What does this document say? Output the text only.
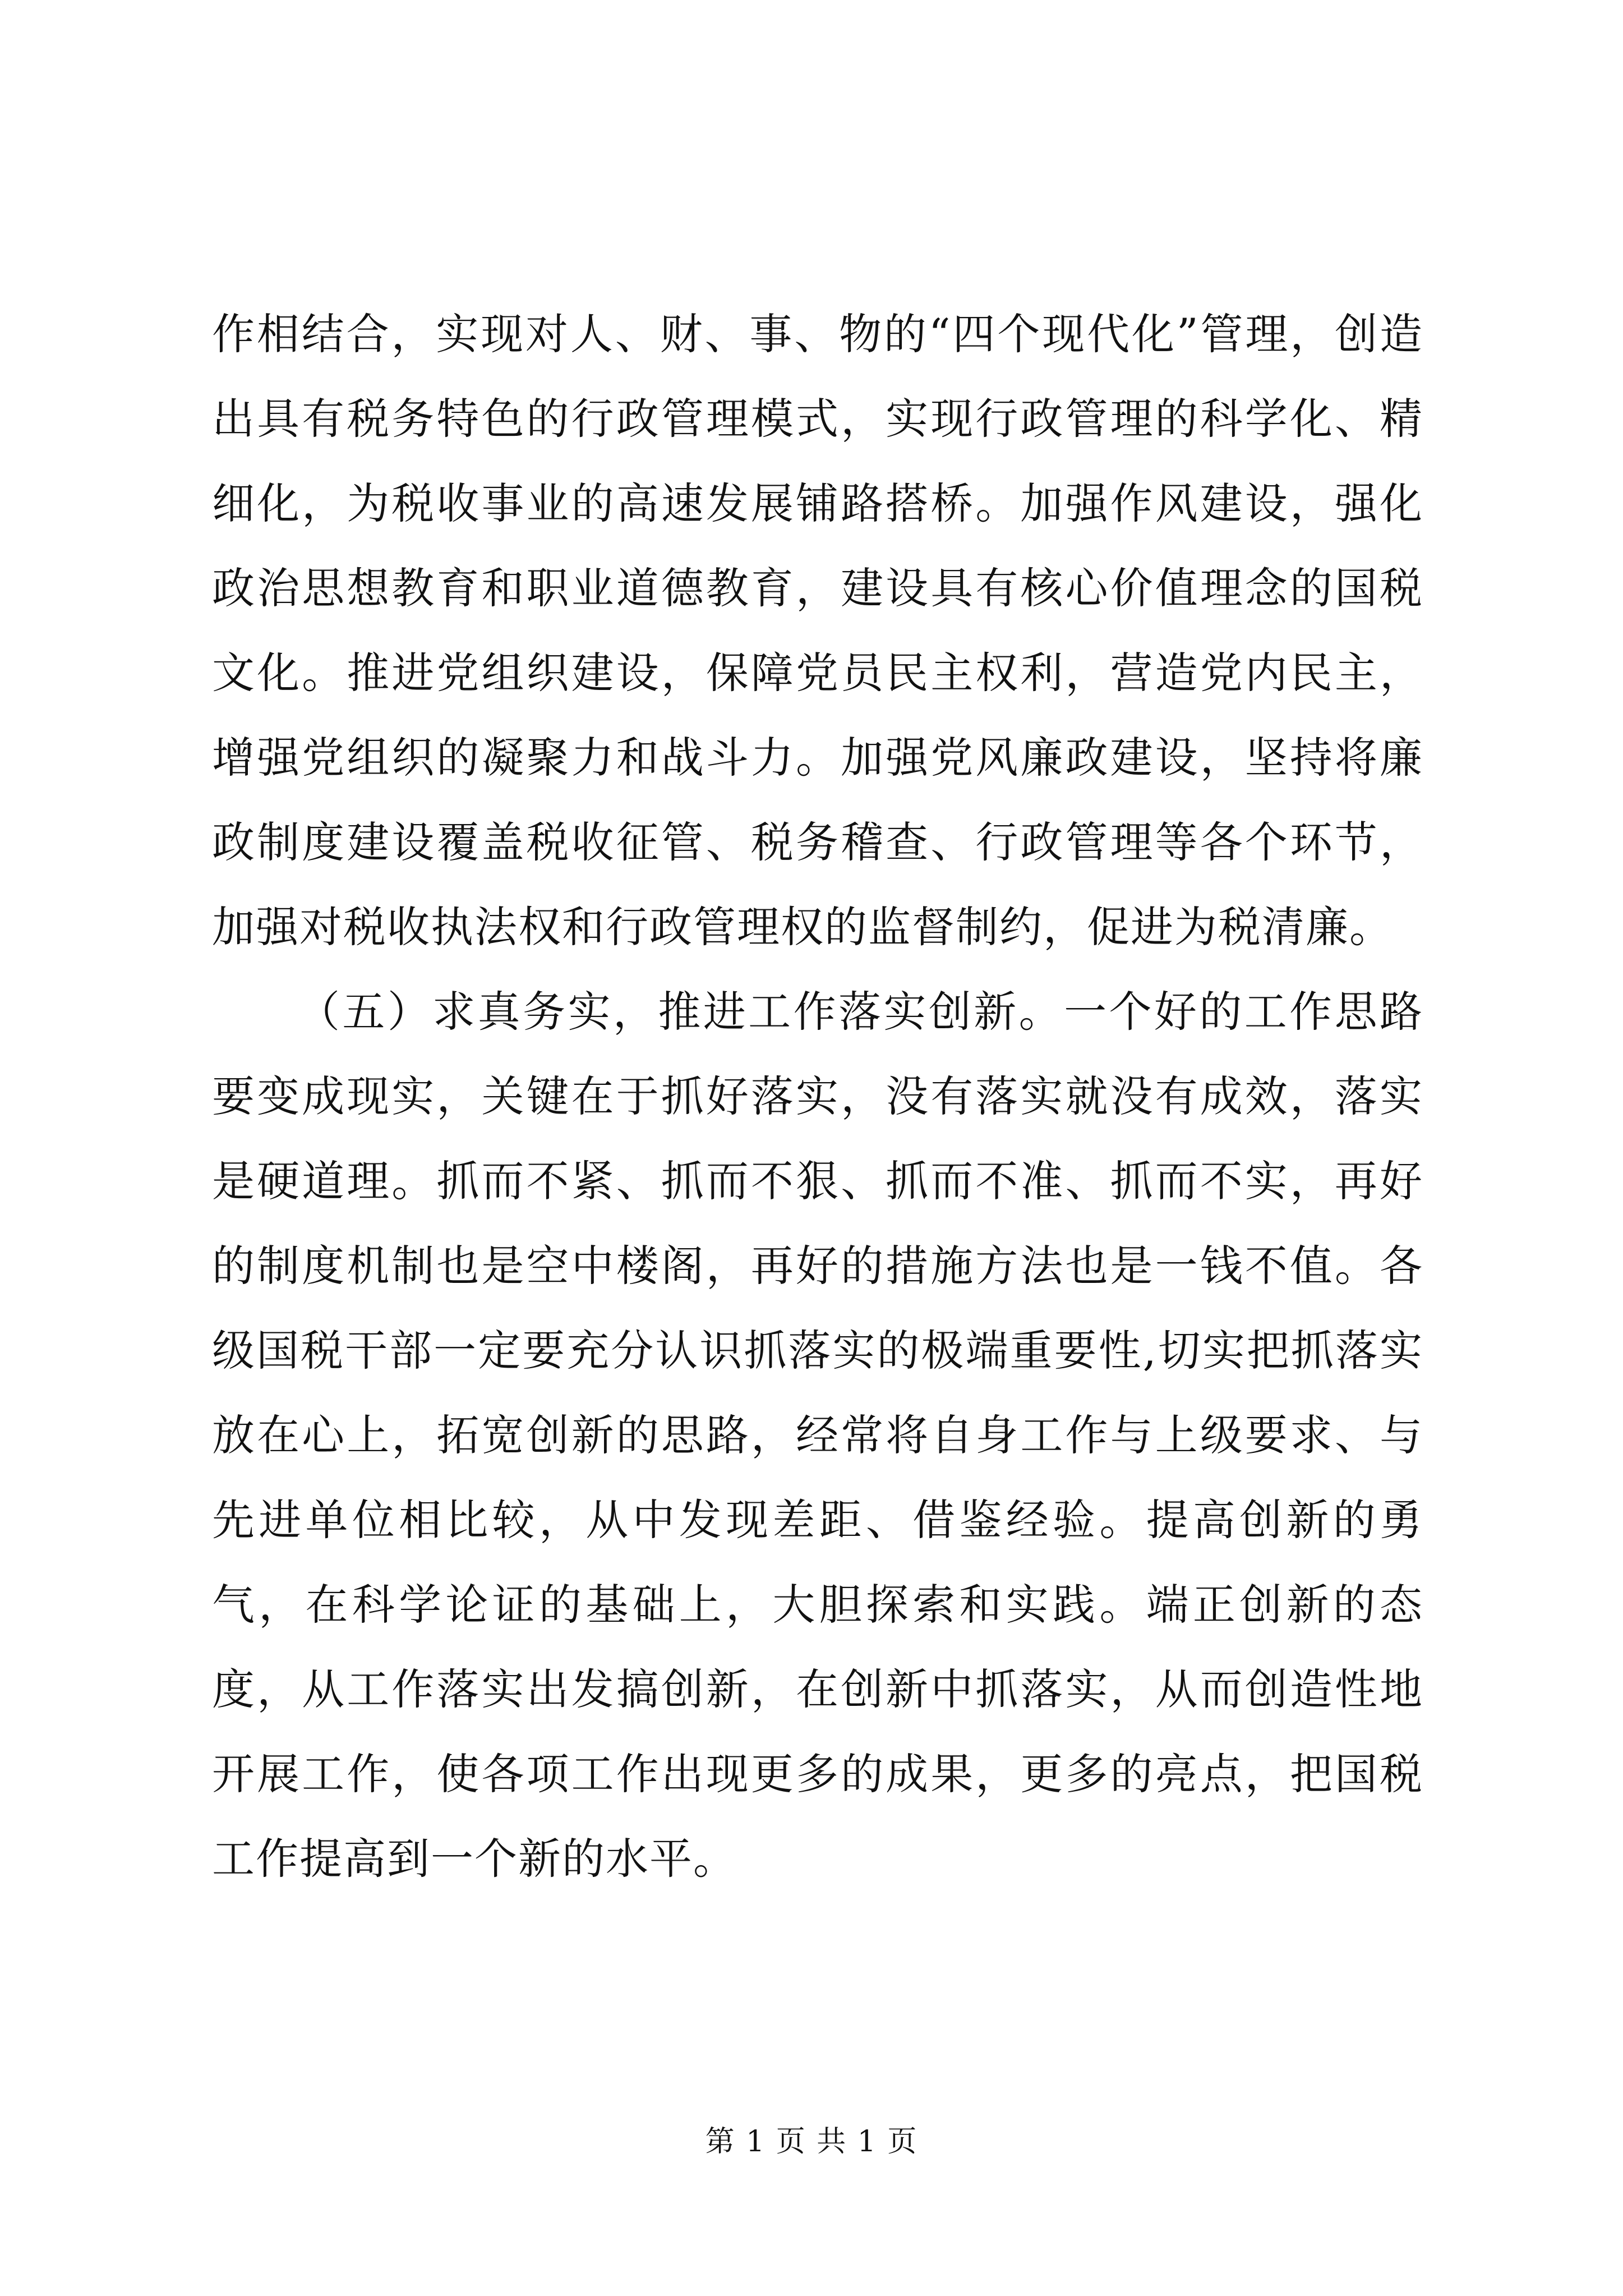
作相结合，实现对人、财、事、物的“四个现代化”管理，创造出具有税务特色的行政管理模式，实现行政管理的科学化、精细化，为税收事业的高速发展铺路搭桥。加强作风建设，强化政治思想教育和职业道德教育，建设具有核心价值理念的国税文化。推进党组织建设，保障党员民主权利，营造党内民主，增强党组织的凝聚力和战斗力。加强党风廉政建设，坚持将廉政制度建设覆盖税收征管、税务稽查、行政管理等各个环节，加强对税收执法权和行政管理权的监督制约，促进为税清廉。

（五）求真务实，推进工作落实创新。一个好的工作思路要变成现实，关键在于抓好落实，没有落实就没有成效，落实是硬道理。抓而不紧、抓而不狠、抓而不准、抓而不实，再好的制度机制也是空中楼阁，再好的措施方法也是一钱不值。各级国税干部一定要充分认识抓落实的极端重要性,切实把抓落实放在心上，拓宽创新的思路，经常将自身工作与上级要求、与先进单位相比较，从中发现差距、借鉴经验。提高创新的勇气，在科学论证的基础上，大胆探索和实践。端正创新的态度，从工作落实出发搞创新，在创新中抓落实，从而创造性地开展工作，使各项工作出现更多的成果，更多的亮点，把国税工作提高到一个新的水平。

第 1 页 共 1 页
